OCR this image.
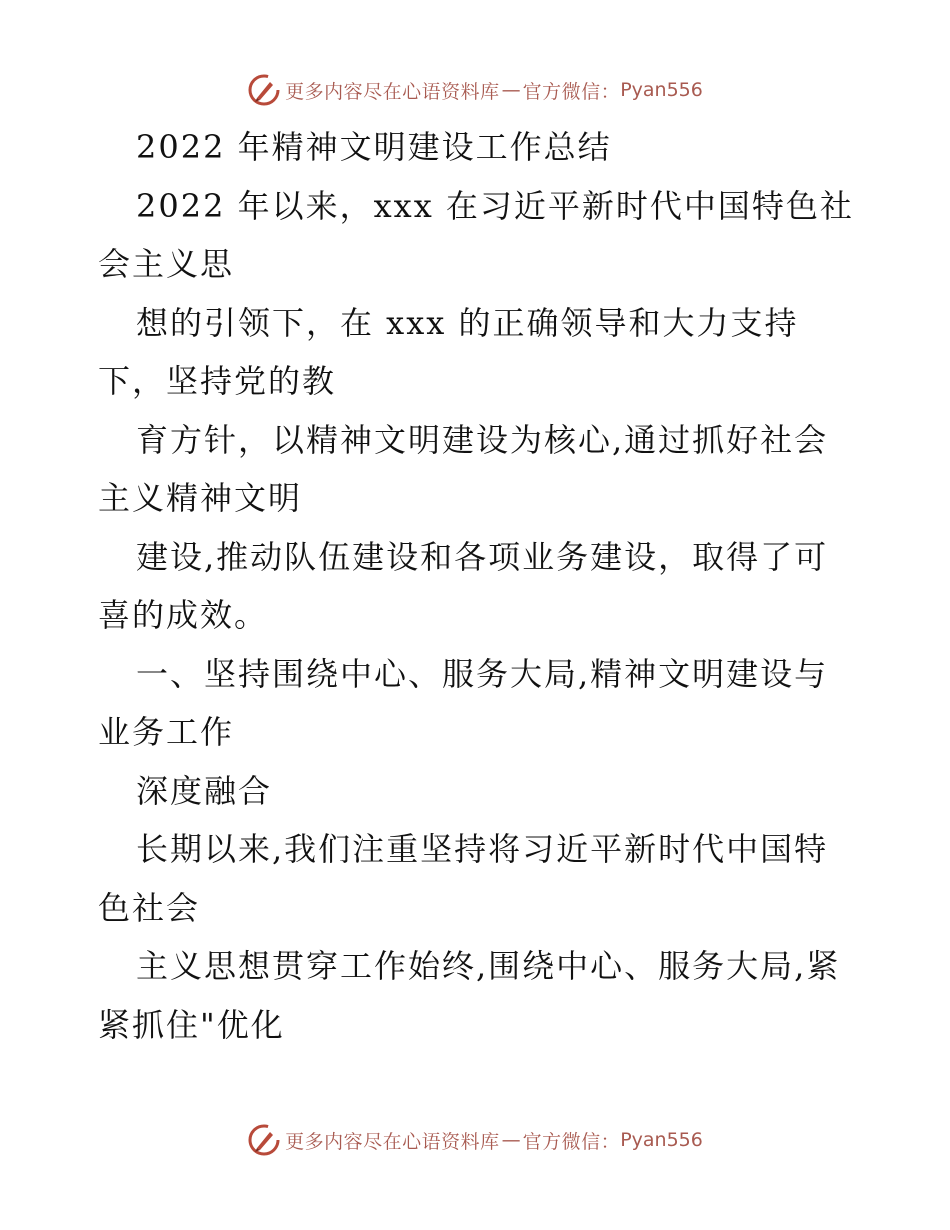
更多内容尽在心语资料库 — 官方微信： Pyan556
2022 年精神文明建设工作总结
2022 年以来，xxx 在习近平新时代中国特色社
会主义思
想的引领下，在 xxx 的正确领导和大力支持
下，坚持党的教
育方针，以精神文明建设为核心,通过抓好社会
主义精神文明
建设,推动队伍建设和各项业务建设，取得了可
喜的成效。
一、坚持围绕中心、服务大局,精神文明建设与
业务工作
深度融合
长期以来,我们注重坚持将习近平新时代中国特
色社会
主义思想贯穿工作始终,围绕中心、服务大局,紧
紧抓住"优化
更多内容尽在心语资料库 — 官方微信： Pyan556
